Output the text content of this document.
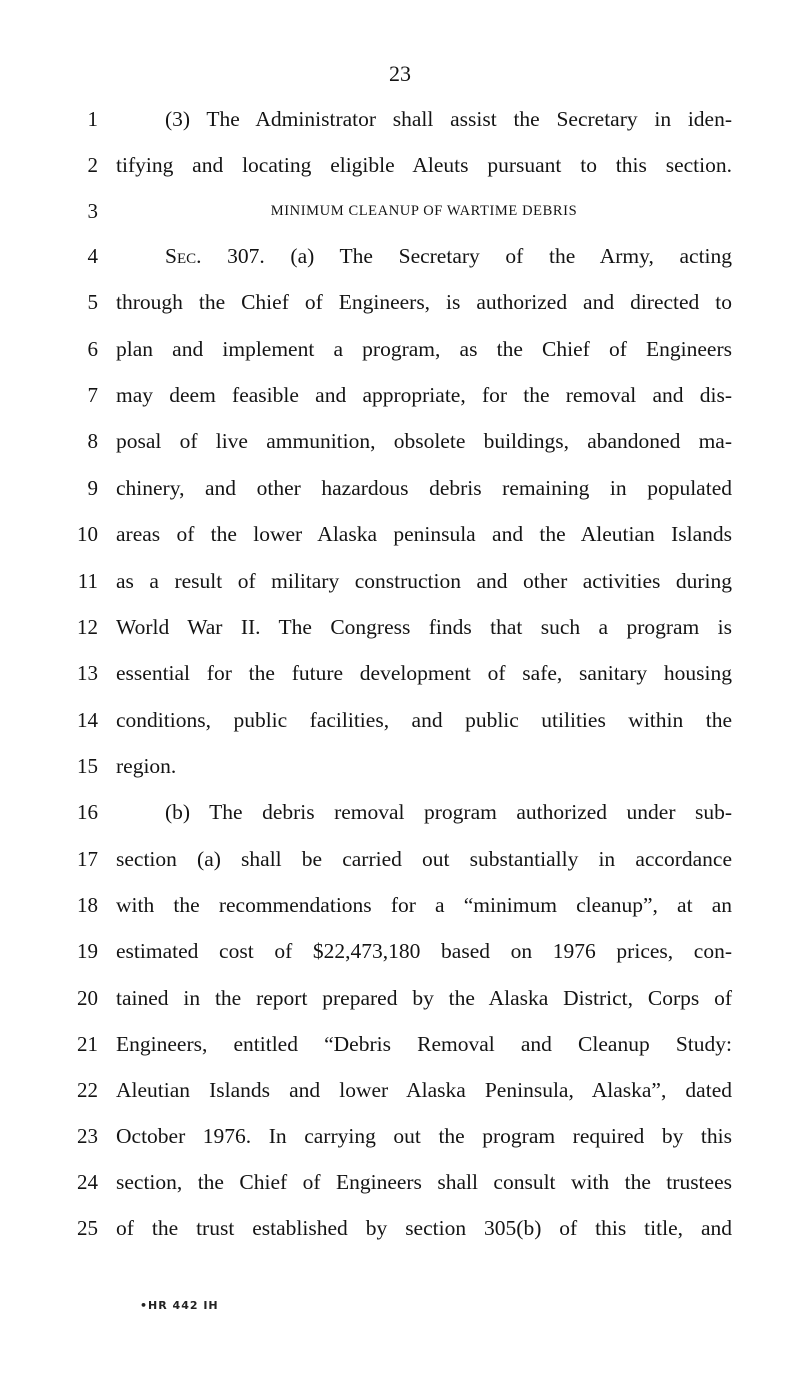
23
1	(3) The Administrator shall assist the Secretary in iden-
2 tifying and locating eligible Aleuts pursuant to this section.
3	MINIMUM CLEANUP OF WARTIME DEBRIS
4	Sec. 307. (a) The Secretary of the Army, acting
5 through the Chief of Engineers, is authorized and directed to
6 plan and implement a program, as the Chief of Engineers
7 may deem feasible and appropriate, for the removal and dis-
8 posal of live ammunition, obsolete buildings, abandoned ma-
9 chinery, and other hazardous debris remaining in populated
10 areas of the lower Alaska peninsula and the Aleutian Islands
11 as a result of military construction and other activities during
12 World War II. The Congress finds that such a program is
13 essential for the future development of safe, sanitary housing
14 conditions, public facilities, and public utilities within the
15 region.
16	(b) The debris removal program authorized under sub-
17 section (a) shall be carried out substantially in accordance
18 with the recommendations for a “minimum cleanup”, at an
19 estimated cost of $22,473,180 based on 1976 prices, con-
20 tained in the report prepared by the Alaska District, Corps of
21 Engineers, entitled “Debris Removal and Cleanup Study:
22 Aleutian Islands and lower Alaska Peninsula, Alaska”, dated
23 October 1976. In carrying out the program required by this
24 section, the Chief of Engineers shall consult with the trustees
25 of the trust established by section 305(b) of this title, and
•HR 442 IH
